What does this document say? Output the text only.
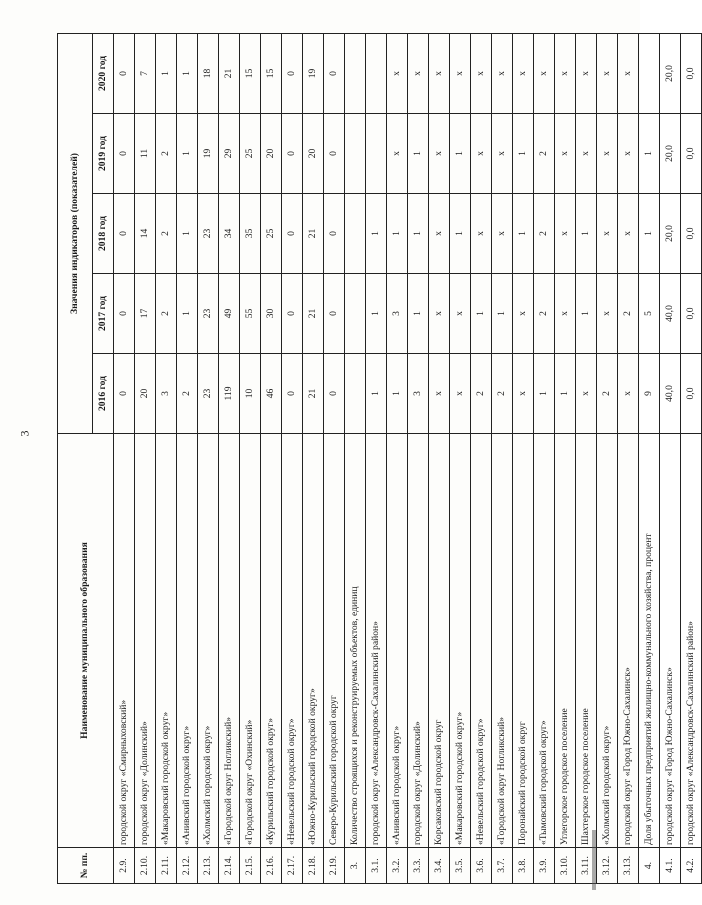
3
№ пп.	Наименование муниципального образования	Значения индикаторов (показателей)				
		2016 год	2017 год	2018 год	2019 год	2020 год
2.9.	городской округ «Смирныховский»	0	0	0	0	0
2.10.	городской округ «Долинский»	20	17	14	11	7
2.11.	«Макаровский городской округ»	3	2	2	2	1
2.12.	«Анивский городской округ»	2	1	1	1	1
2.13.	«Холмский городской округ»	23	23	23	19	18
2.14.	«Городской округ Ногликский»	119	49	34	29	21
2.15.	«Городской округ «Охинский»	10	55	35	25	15
2.16.	«Курильский городской округ»	46	30	25	20	15
2.17.	«Невельский городской округ»	0	0	0	0	0
2.18.	«Южно-Курильский городской округ»	21	21	21	20	19
2.19.	Северо-Курильский городской округ	0	0	0	0	0
3.	Количество строящихся и реконструируемых объектов, единиц					
3.1.	городской округ «Александровск-Сахалинский район»	1	1	1		
3.2.	«Анивский городской округ»	1	3	1	x	x
3.3.	городской округ «Долинский»	3	1	1	1	x
3.4.	Корсаковский городской округ	x	x	x	x	x
3.5.	«Макаровский городской округ»	x	x	1	1	x
3.6.	«Невельский городской округ»	2	1	x	x	x
3.7.	«Городской округ Ногликский»	2	1	x	x	x
3.8.	Поронайский городской округ	x	x	1	1	x
3.9.	«Тымовский городской округ»	1	2	2	2	x
3.10.	Углегорское городское поселение	1	x	x	x	x
3.11.	Шахтерское городское поселение	x	1	1	x	x
3.12.	«Холмский городской округ»	2	x	x	x	x
3.13.	городской округ «Город Южно-Сахалинск»	x	2	x	x	x
4.	Доля убыточных предприятий жилищно-коммунального хозяйства, процент	9	5	1	1	
4.1.	городской округ «Город Южно-Сахалинск»	40,0	40,0	20,0	20,0	20,0
4.2.	городской округ «Александровск-Сахалинский район»	0,0	0,0	0,0	0,0	0,0
